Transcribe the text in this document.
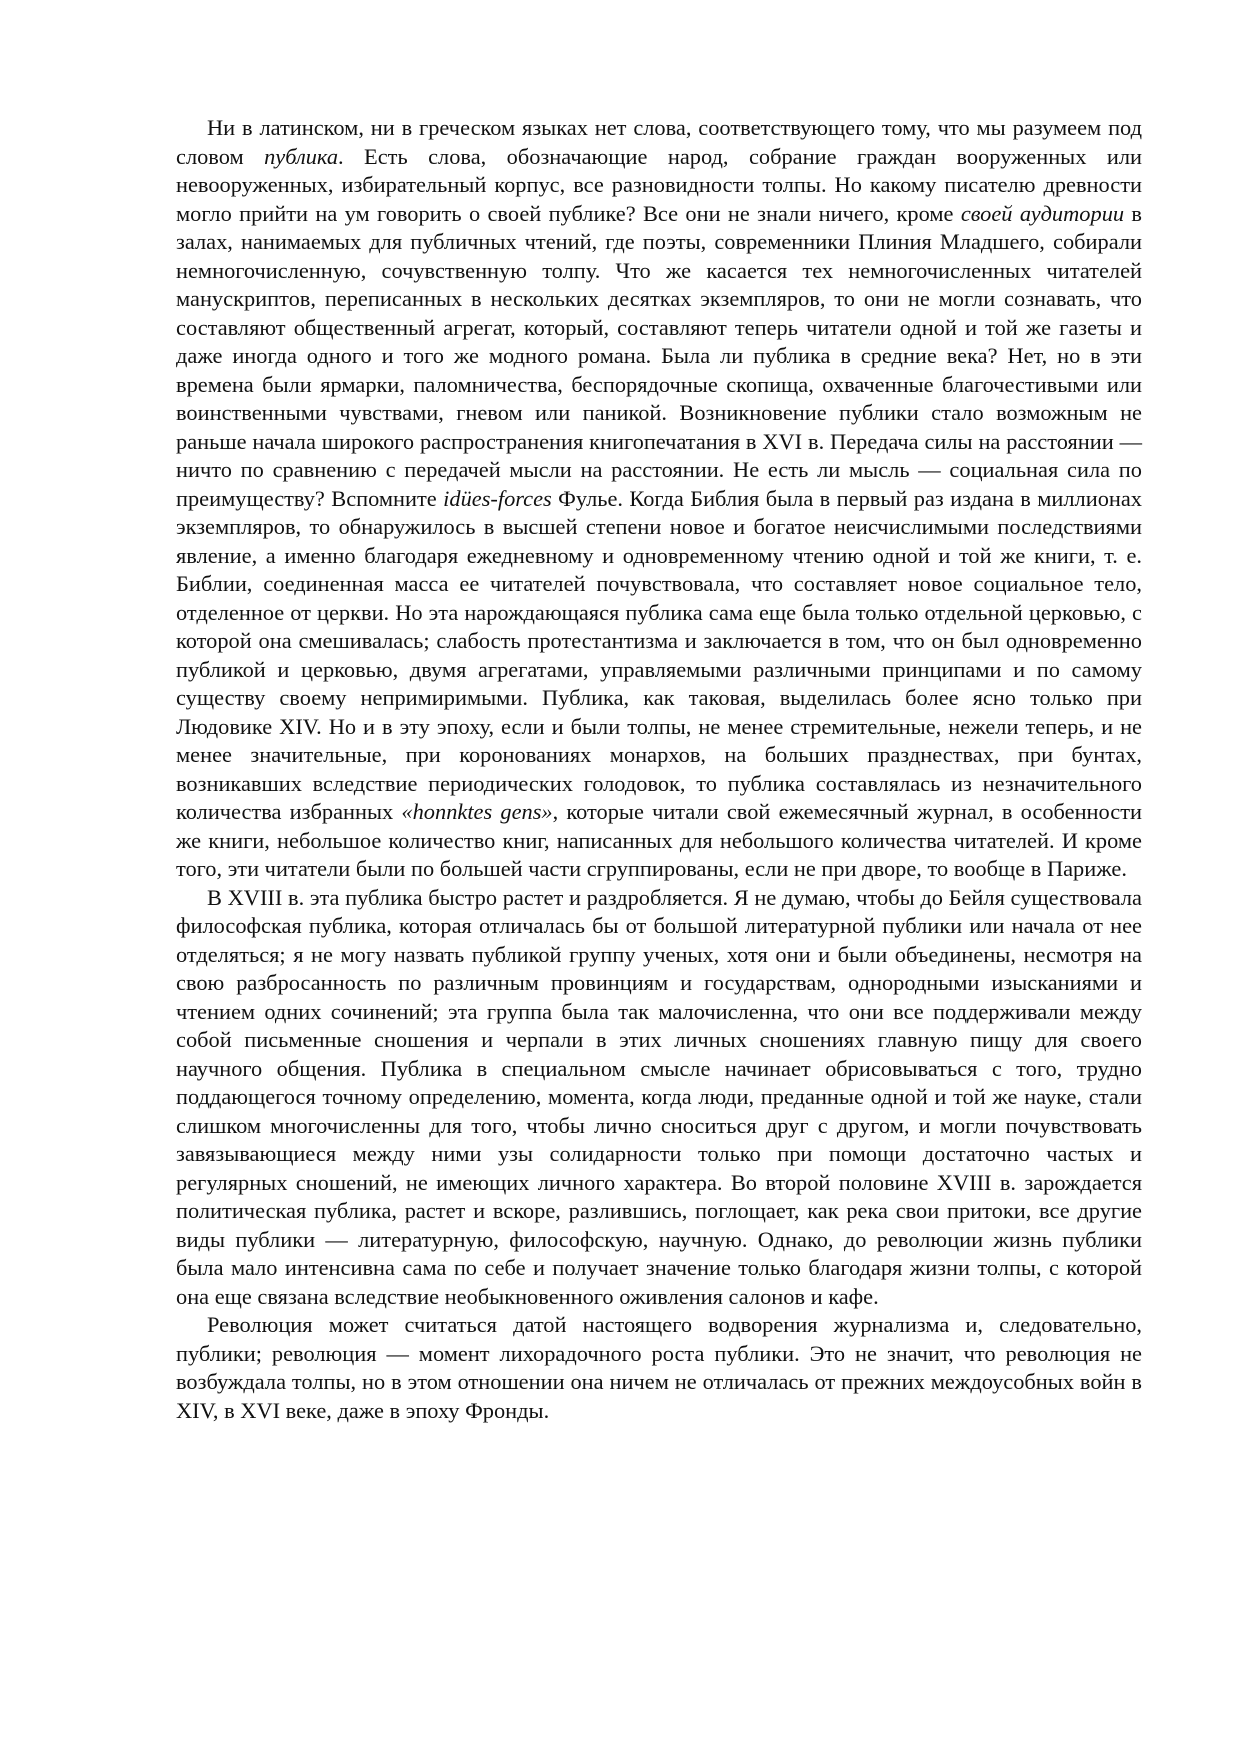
Ни в латинском, ни в греческом языках нет слова, соответствующего тому, что мы разумеем под словом публика. Есть слова, обозначающие народ, собрание граждан вооруженных или невооруженных, избирательный корпус, все разновидности толпы. Но какому писателю древности могло прийти на ум говорить о своей публике? Все они не знали ничего, кроме своей аудитории в залах, нанимаемых для публичных чтений, где поэты, современники Плиния Младшего, собирали немногочисленную, сочувственную толпу. Что же касается тех немногочисленных читателей манускриптов, переписанных в нескольких десятках экземпляров, то они не могли сознавать, что составляют общественный агрегат, который, составляют теперь читатели одной и той же газеты и даже иногда одного и того же модного романа. Была ли публика в средние века? Нет, но в эти времена были ярмарки, паломничества, беспорядочные скопища, охваченные благочестивыми или воинственными чувствами, гневом или паникой. Возникновение публики стало возможным не раньше начала широкого распространения книгопечатания в XVI в. Передача силы на расстоянии — ничто по сравнению с передачей мысли на расстоянии. Не есть ли мысль — социальная сила по преимуществу? Вспомните idües-forces Фулье. Когда Библия была в первый раз издана в миллионах экземпляров, то обнаружилось в высшей степени новое и богатое неисчислимыми последствиями явление, а именно благодаря ежедневному и одновременному чтению одной и той же книги, т. е. Библии, соединенная масса ее читателей почувствовала, что составляет новое социальное тело, отделенное от церкви. Но эта нарождающаяся публика сама еще была только отдельной церковью, с которой она смешивалась; слабость протестантизма и заключается в том, что он был одновременно публикой и церковью, двумя агрегатами, управляемыми различными принципами и по самому существу своему непримиримыми. Публика, как таковая, выделилась более ясно только при Людовике XIV. Но и в эту эпоху, если и были толпы, не менее стремительные, нежели теперь, и не менее значительные, при коронованиях монархов, на больших празднествах, при бунтах, возникавших вследствие периодических голодовок, то публика составлялась из незначительного количества избранных «honnktes gens», которые читали свой ежемесячный журнал, в особенности же книги, небольшое количество книг, написанных для небольшого количества читателей. И кроме того, эти читатели были по большей части сгруппированы, если не при дворе, то вообще в Париже.

В XVIII в. эта публика быстро растет и раздробляется. Я не думаю, чтобы до Бейля существовала философская публика, которая отличалась бы от большой литературной публики или начала от нее отделяться; я не могу назвать публикой группу ученых, хотя они и были объединены, несмотря на свою разбросанность по различным провинциям и государствам, однородными изысканиями и чтением одних сочинений; эта группа была так малочисленна, что они все поддерживали между собой письменные сношения и черпали в этих личных сношениях главную пищу для своего научного общения. Публика в специальном смысле начинает обрисовываться с того, трудно поддающегося точному определению, момента, когда люди, преданные одной и той же науке, стали слишком многочисленны для того, чтобы лично сноситься друг с другом, и могли почувствовать завязывающиеся между ними узы солидарности только при помощи достаточно частых и регулярных сношений, не имеющих личного характера. Во второй половине XVIII в. зарождается политическая публика, растет и вскоре, разлившись, поглощает, как река свои притоки, все другие виды публики — литературную, философскую, научную. Однако, до революции жизнь публики была мало интенсивна сама по себе и получает значение только благодаря жизни толпы, с которой она еще связана вследствие необыкновенного оживления салонов и кафе.

Революция может считаться датой настоящего водворения журнализма и, следовательно, публики; революция — момент лихорадочного роста публики. Это не значит, что революция не возбуждала толпы, но в этом отношении она ничем не отличалась от прежних междоусобных войн в XIV, в XVI веке, даже в эпоху Фронды.
